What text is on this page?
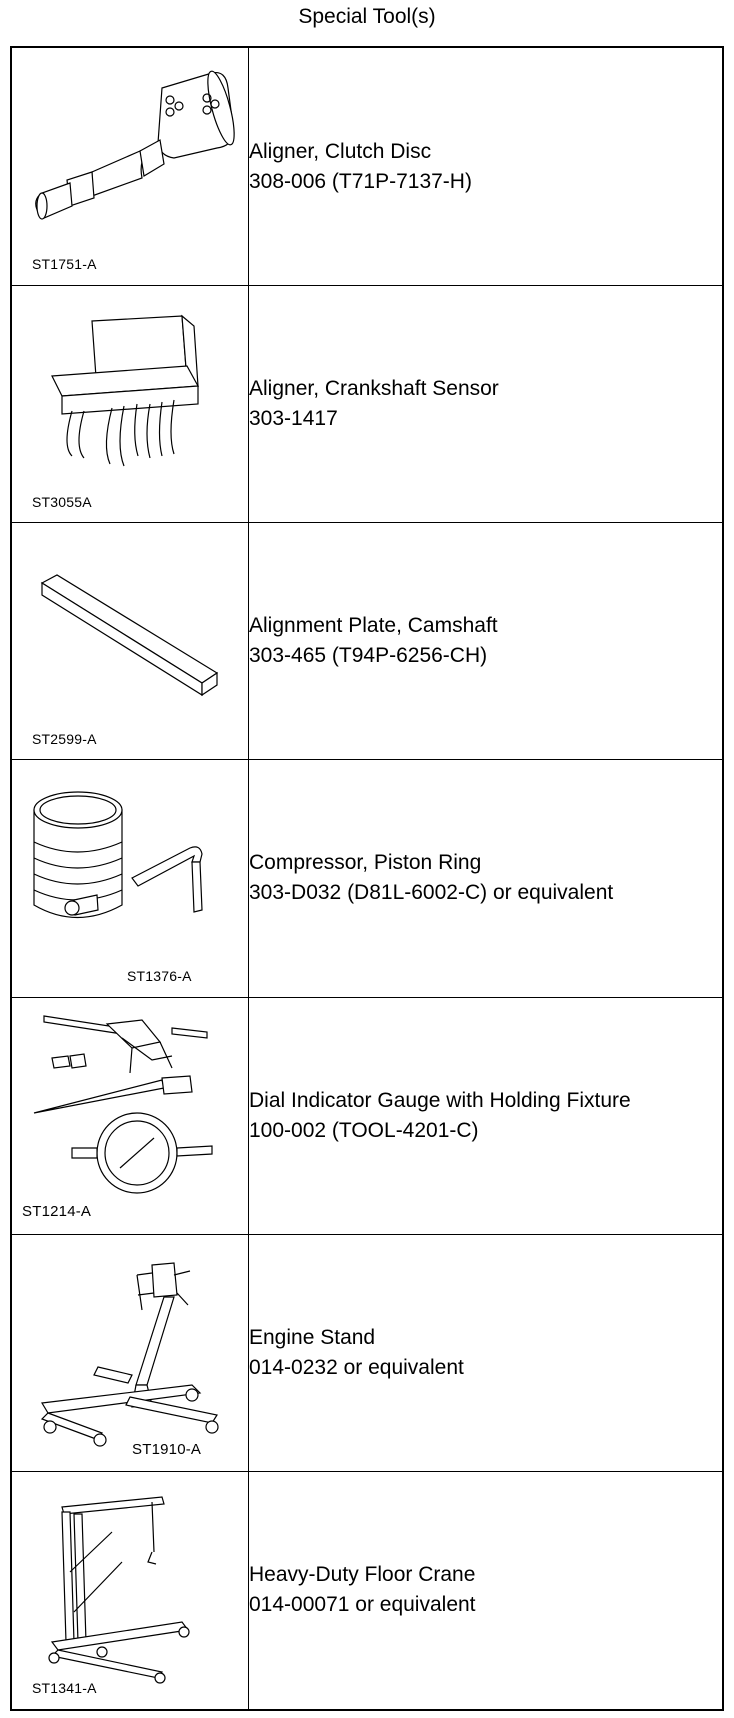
Special Tool(s)
ST1751-A	Aligner, Clutch Disc
308-006 (T71P-7137-H)

ST3055A	Aligner, Crankshaft Sensor
303-1417

ST2599-A	Alignment Plate, Camshaft
303-465 (T94P-6256-CH)

ST1376-A	Compressor, Piston Ring
303-D032 (D81L-6002-C) or equivalent

ST1214-A	Dial Indicator Gauge with Holding Fixture
100-002 (TOOL-4201-C)

ST1910-A	Engine Stand
014-0232 or equivalent

ST1341-A	Heavy-Duty Floor Crane
014-00071 or equivalent
